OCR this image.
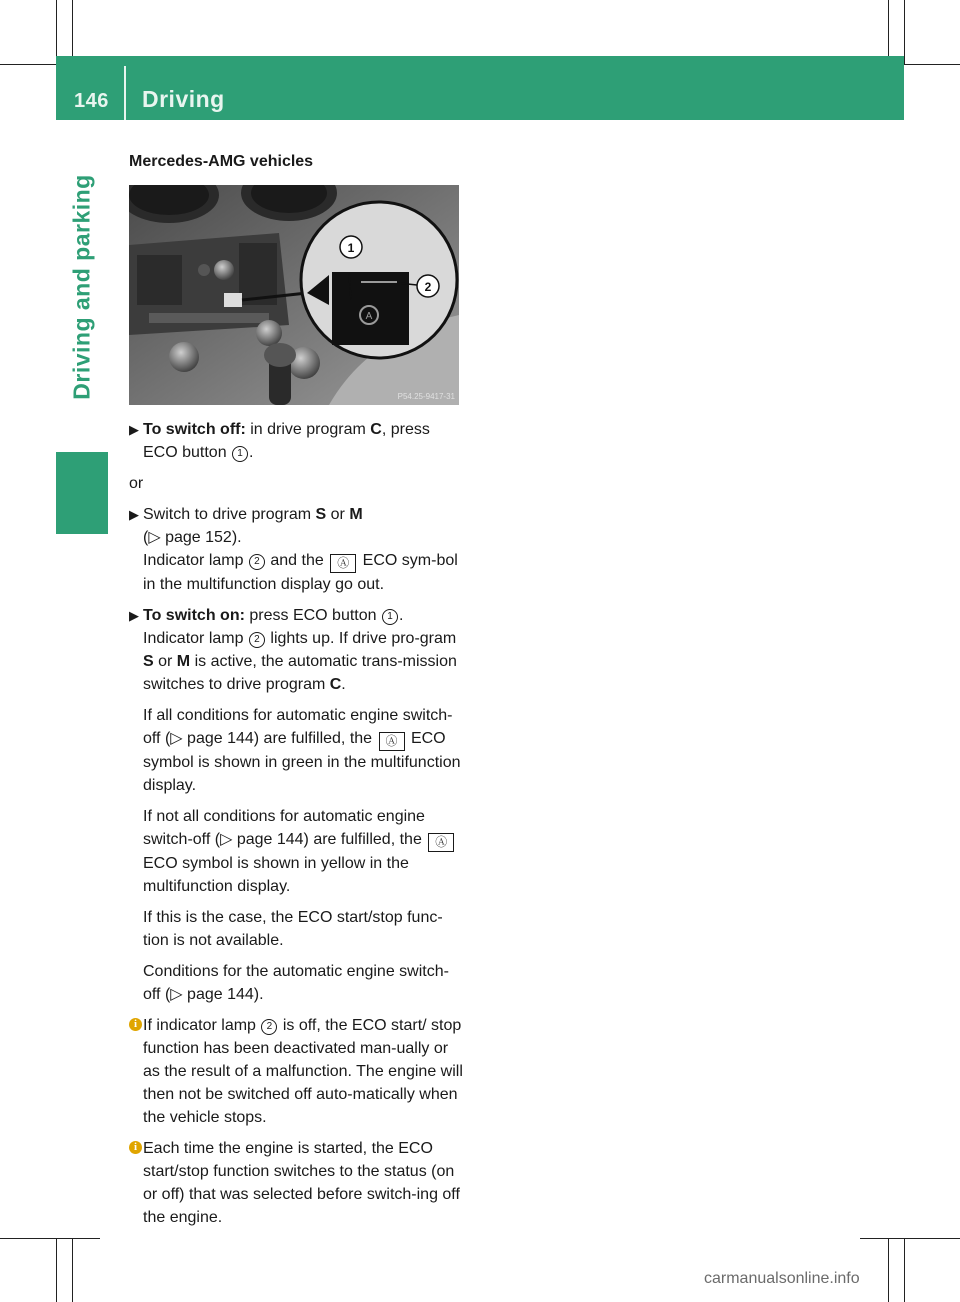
146 Driving
Driving and parking
Mercedes-AMG vehicles
A
1
2
P54.25-9417-31
▶ To switch off: in drive program C, press ECO button 1 .
or
▶ Switch to drive program S or M
(▷ page 152).
Indicator lamp 2 and the Ⓐ ECO sym-bol in the multifunction display go out.
▶ To switch on: press ECO button 1 .
Indicator lamp 2 lights up. If drive pro-gram S or M is active, the automatic trans-mission switches to drive program C.
If all conditions for automatic engine switch-off (▷ page 144) are fulfilled, the Ⓐ ECO symbol is shown in green in the multifunction display.
If not all conditions for automatic engine switch-off (▷ page 144) are fulfilled, the Ⓐ ECO symbol is shown in yellow in the multifunction display.
If this is the case, the ECO start/stop func-tion is not available.
Conditions for the automatic engine switch-off (▷ page 144).
i If indicator lamp 2 is off, the ECO start/ stop function has been deactivated man-ually or as the result of a malfunction. The engine will then not be switched off auto-matically when the vehicle stops.
i Each time the engine is started, the ECO start/stop function switches to the status (on or off) that was selected before switch-ing off the engine.
carmanualsonline.info
